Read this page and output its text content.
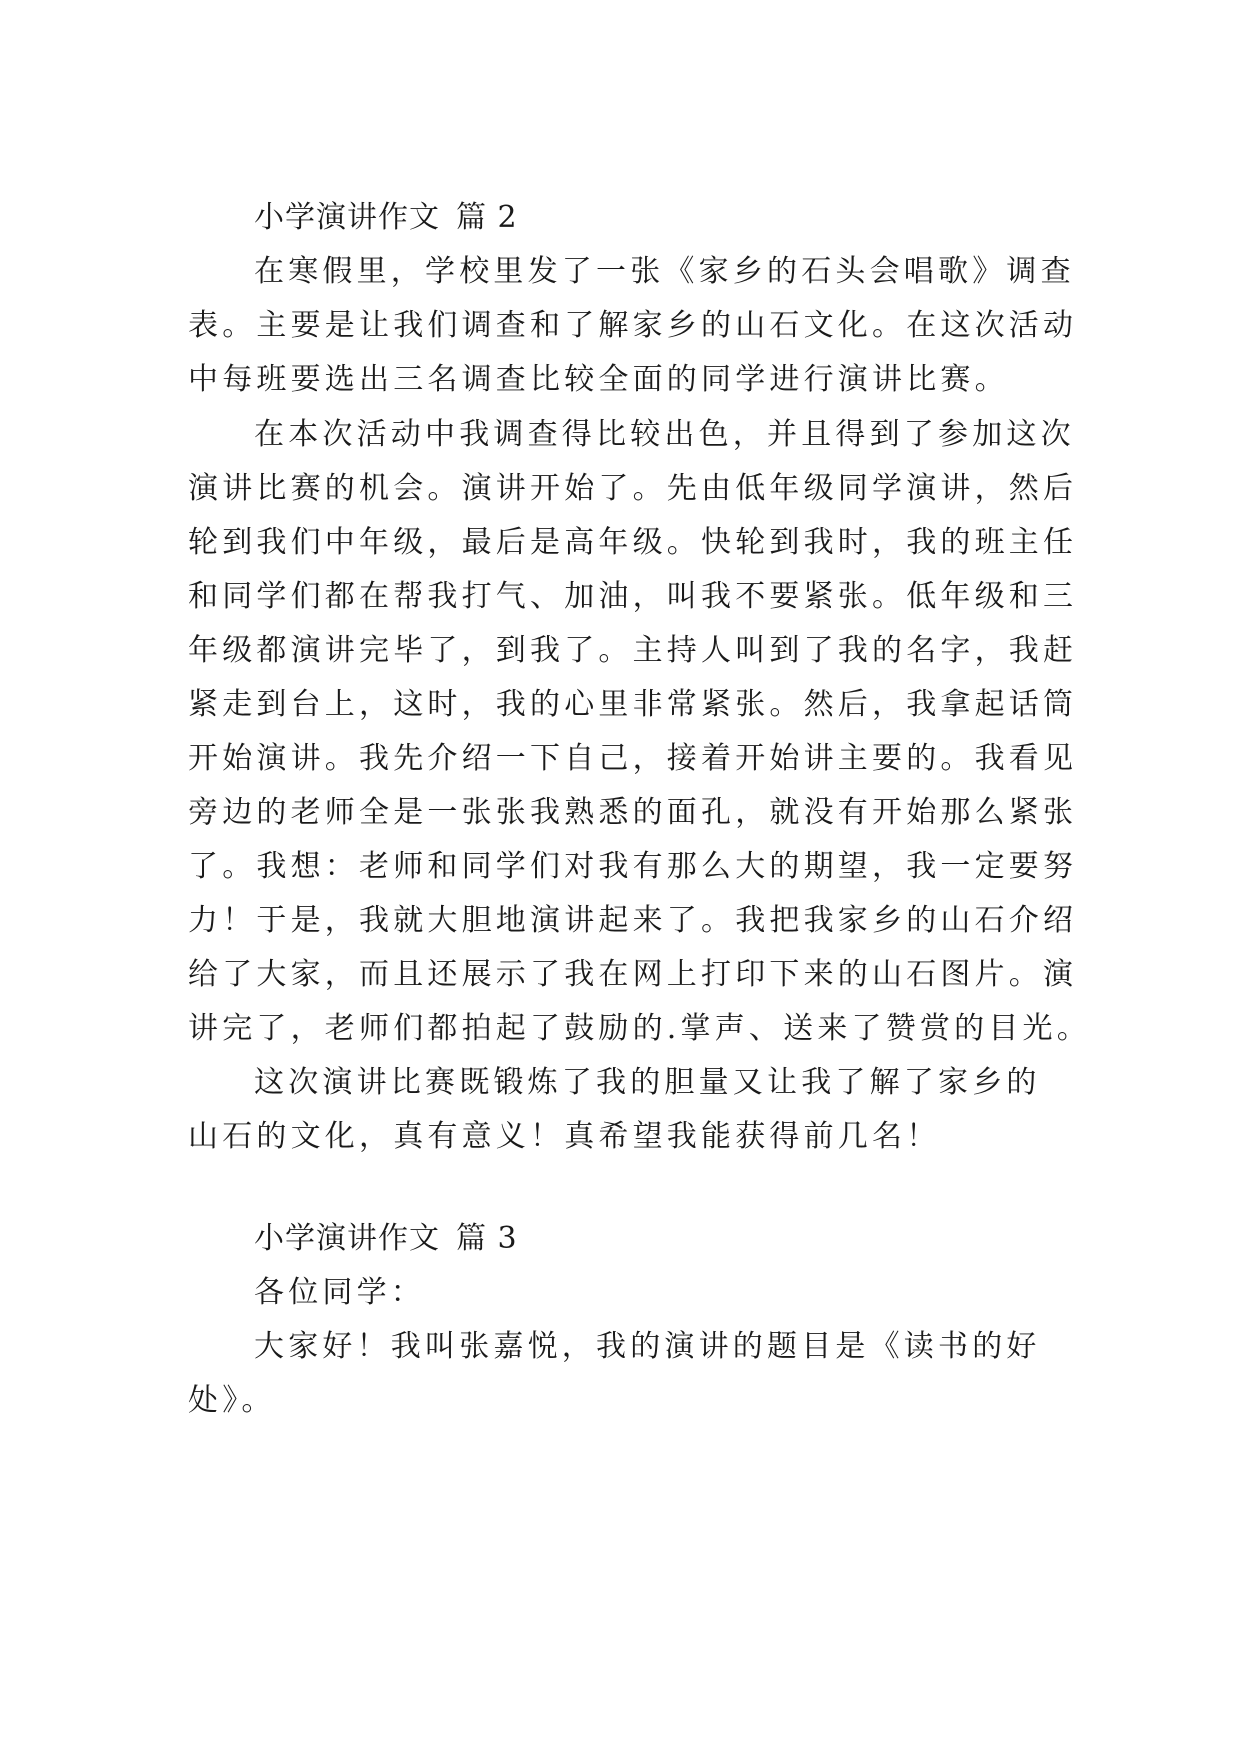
小学演讲作文 篇 2
在寒假里，学校里发了一张《家乡的石头会唱歌》调查
表。主要是让我们调查和了解家乡的山石文化。在这次活动
中每班要选出三名调查比较全面的同学进行演讲比赛。
在本次活动中我调查得比较出色，并且得到了参加这次
演讲比赛的机会。演讲开始了。先由低年级同学演讲，然后
轮到我们中年级，最后是高年级。快轮到我时，我的班主任
和同学们都在帮我打气、加油，叫我不要紧张。低年级和三
年级都演讲完毕了，到我了。主持人叫到了我的名字，我赶
紧走到台上，这时，我的心里非常紧张。然后，我拿起话筒
开始演讲。我先介绍一下自己，接着开始讲主要的。我看见
旁边的老师全是一张张我熟悉的面孔，就没有开始那么紧张
了。我想：老师和同学们对我有那么大的期望，我一定要努
力！于是，我就大胆地演讲起来了。我把我家乡的山石介绍
给了大家，而且还展示了我在网上打印下来的山石图片。演
讲完了，老师们都拍起了鼓励的.掌声、送来了赞赏的目光。
这次演讲比赛既锻炼了我的胆量又让我了解了家乡的
山石的文化，真有意义！真希望我能获得前几名！
小学演讲作文 篇 3
各位同学：
大家好！我叫张嘉悦，我的演讲的题目是《读书的好
处》。
